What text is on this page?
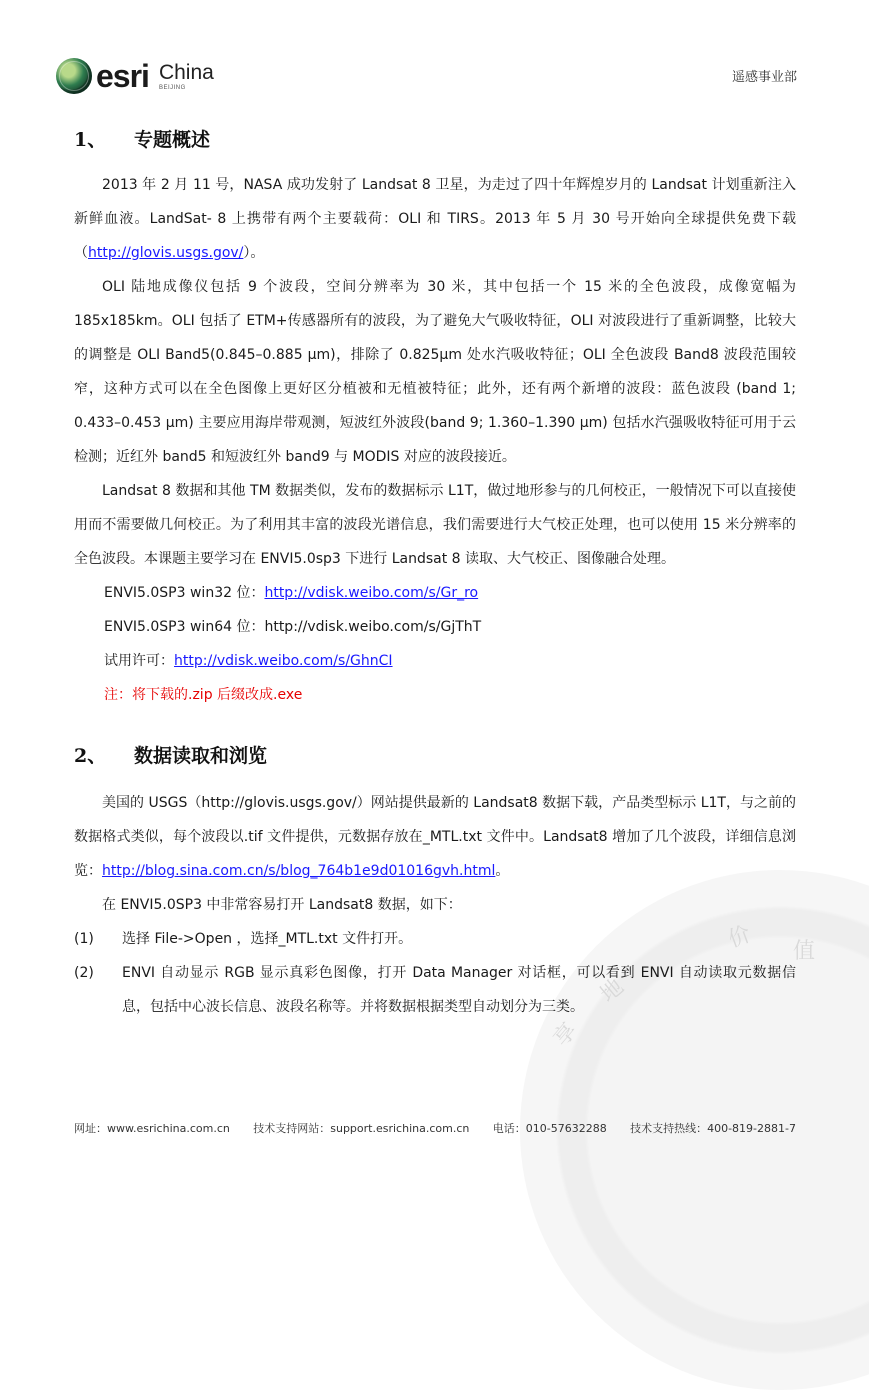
价 值
地
享
esri China
BEIJING
遥感事业部
1、	专题概述

2013 年 2 月 11 号，NASA 成功发射了 Landsat 8 卫星，为走过了四十年辉煌岁月的 Landsat 计划重新注入新鲜血液。LandSat- 8 上携带有两个主要载荷：OLI 和 TIRS。2013 年 5 月 30 号开始向全球提供免费下载（http://glovis.usgs.gov/）。

OLI 陆地成像仪包括 9 个波段，空间分辨率为 30 米，其中包括一个 15 米的全色波段，成像宽幅为 185x185km。OLI 包括了 ETM+传感器所有的波段，为了避免大气吸收特征，OLI 对波段进行了重新调整，比较大的调整是 OLI Band5(0.845–0.885 μm)，排除了 0.825μm 处水汽吸收特征；OLI 全色波段 Band8 波段范围较窄，这种方式可以在全色图像上更好区分植被和无植被特征；此外，还有两个新增的波段：蓝色波段 (band 1; 0.433–0.453 μm) 主要应用海岸带观测，短波红外波段(band 9; 1.360–1.390 μm) 包括水汽强吸收特征可用于云检测；近红外 band5 和短波红外 band9 与 MODIS 对应的波段接近。

Landsat 8 数据和其他 TM 数据类似，发布的数据标示 L1T，做过地形参与的几何校正，一般情况下可以直接使用而不需要做几何校正。为了利用其丰富的波段光谱信息，我们需要进行大气校正处理，也可以使用 15 米分辨率的全色波段。本课题主要学习在 ENVI5.0sp3 下进行 Landsat 8 读取、大气校正、图像融合处理。

ENVI5.0SP3 win32 位：http://vdisk.weibo.com/s/Gr_ro
ENVI5.0SP3 win64 位：http://vdisk.weibo.com/s/GjThT
试用许可：http://vdisk.weibo.com/s/GhnCI
注：将下载的.zip 后缀改成.exe
2、	数据读取和浏览

美国的 USGS（http://glovis.usgs.gov/）网站提供最新的 Landsat8 数据下载，产品类型标示 L1T，与之前的数据格式类似，每个波段以.tif 文件提供，元数据存放在_MTL.txt 文件中。Landsat8 增加了几个波段，详细信息浏览：http://blog.sina.com.cn/s/blog_764b1e9d01016gvh.html。

在 ENVI5.0SP3 中非常容易打开 Landsat8 数据，如下：

(1)	选择 File->Open ，选择_MTL.txt 文件打开。
(2)	ENVI 自动显示 RGB 显示真彩色图像，打开 Data Manager 对话框，可以看到 ENVI 自动读取元数据信息，包括中心波长信息、波段名称等。并将数据根据类型自动划分为三类。
网址：www.esrichina.com.cn 技术支持网站：support.esrichina.com.cn 电话：010-57632288 技术支持热线：400-819-2881-7
